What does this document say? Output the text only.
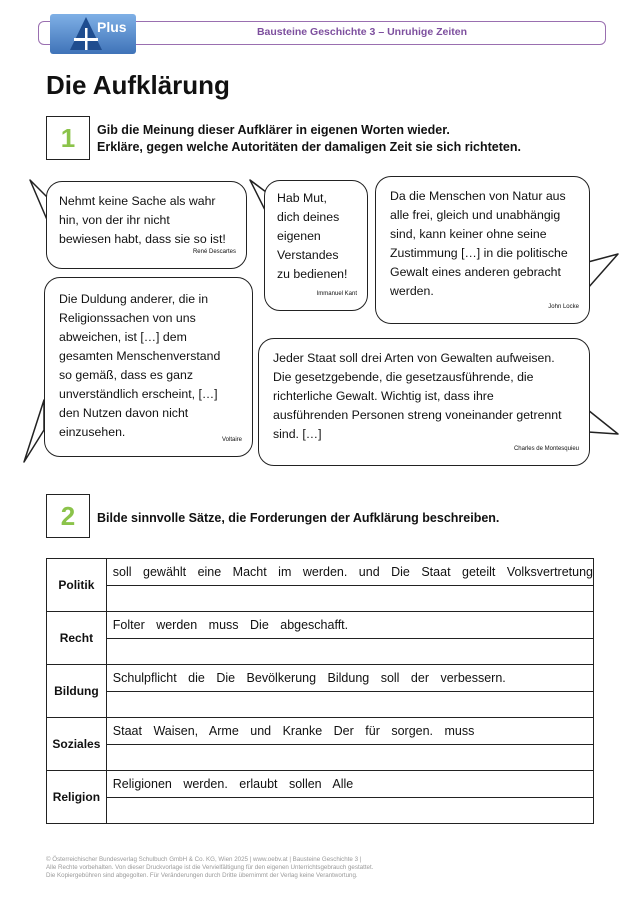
Bausteine Geschichte 3 – Unruhige Zeiten
Plus
Die Aufklärung
1	Gib die Meinung dieser Aufklärer in eigenen Worten wieder.
Erkläre, gegen welche Autoritäten der damaligen Zeit sie sich richteten.
Nehmt keine Sache als wahr
hin, von der ihr nicht
bewiesen habt, dass sie so ist!
René Descartes
Hab Mut,
dich deines
eigenen
Verstandes
zu bedienen!
Immanuel Kant
Da die Menschen von Natur aus
alle frei, gleich und unabhängig
sind, kann keiner ohne seine
Zustimmung […] in die politische
Gewalt eines anderen gebracht
werden.
John Locke
Die Duldung anderer, die in
Religionssachen von uns
abweichen, ist […] dem
gesamten Menschenverstand
so gemäß, dass es ganz
unverständlich erscheint, […]
den Nutzen davon nicht
einzusehen.
Voltaire
Jeder Staat soll drei Arten von Gewalten aufweisen.
Die gesetzgebende, die gesetzausführende, die
richterliche Gewalt. Wichtig ist, dass ihre
ausführenden Personen streng voneinander getrennt
sind. […]
Charles de Montesquieu
2	Bilde sinnvolle Sätze, die Forderungen der Aufklärung beschreiben.
Politik	soll gewählt eine Macht im werden. und Die Staat geteilt Volksvertretung

Recht	Folter werden muss Die abgeschafft.

Bildung	Schulpflicht die Die Bevölkerung Bildung soll der verbessern.

Soziales	Staat Waisen, Arme und Kranke Der für sorgen. muss

Religion	Religionen werden. erlaubt sollen Alle

© Österreichischer Bundesverlag Schulbuch GmbH & Co. KG, Wien 2025 | www.oebv.at | Bausteine Geschichte 3 |
Alle Rechte vorbehalten. Von dieser Druckvorlage ist die Vervielfältigung für den eigenen Unterrichtsgebrauch gestattet.
Die Kopiergebühren sind abgegolten. Für Veränderungen durch Dritte übernimmt der Verlag keine Verantwortung.
